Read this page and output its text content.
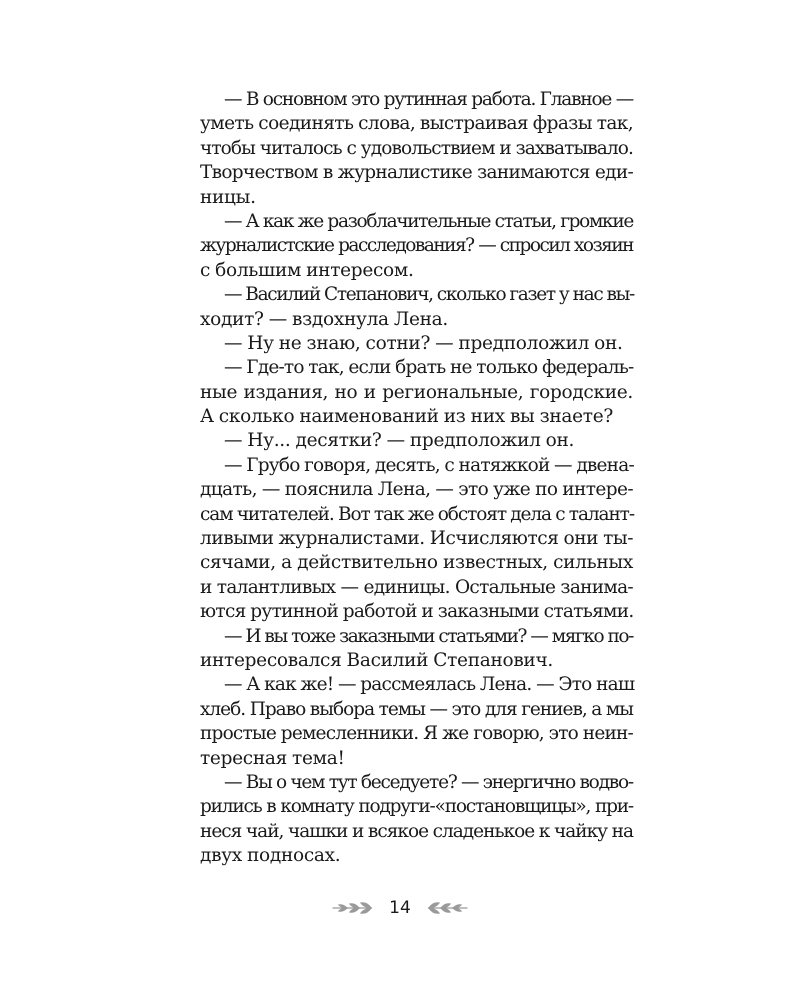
— В основном это рутинная работа. Главное —
уметь соединять слова, выстраивая фразы так,
чтобы читалось с удовольствием и захватывало.
Творчеством в журналистике занимаются еди-
ницы.
— А как же разоблачительные статьи, громкие
журналистские расследования? — спросил хозяин
с большим интересом.
— Василий Степанович, сколько газет у нас вы-
ходит? — вздохнула Лена.
— Ну не знаю, сотни? — предположил он.
— Где-то так, если брать не только федераль-
ные издания, но и региональные, городские.
А сколько наименований из них вы знаете?
— Ну... десятки? — предположил он.
— Грубо говоря, десять, с натяжкой — двена-
дцать, — пояснила Лена, — это уже по интере-
сам читателей. Вот так же обстоят дела с талант-
ливыми журналистами. Исчисляются они ты-
сячами, а действительно известных, сильных
и талантливых — единицы. Остальные занима-
ются рутинной работой и заказными статьями.
— И вы тоже заказными статьями? — мягко по-
интересовался Василий Степанович.
— А как же! — рассмеялась Лена. — Это наш
хлеб. Право выбора темы — это для гениев, а мы
простые ремесленники. Я же говорю, это неин-
тересная тема!
— Вы о чем тут беседуете? — энергично водво-
рились в комнату подруги-«постановщицы», при-
неся чай, чашки и всякое сладенькое к чайку на
двух подносах.
14
